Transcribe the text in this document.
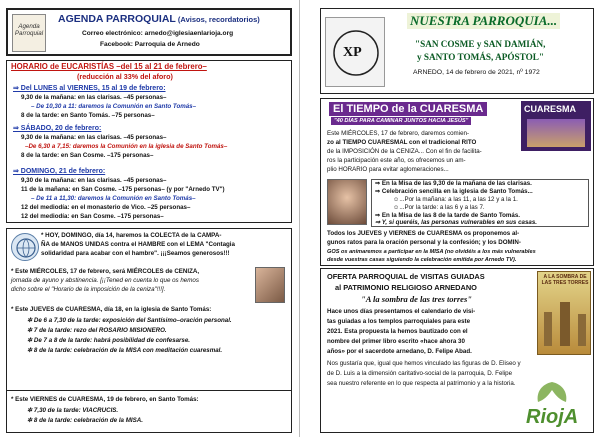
Agenda
Parroquial
AGENDA PARROQUIAL (Avisos, recordatorios)
Correo electrónico: arnedo@iglesiaenlarioja.org
Facebook: Parroquia de Arnedo
HORARIO de EUCARISTÍAS –del 15 al 21 de febrero–
(reducción al 33% del aforo)
⇒ Del LUNES al VIERNES, 15 al 19 de febrero:
9,30 de la mañana: en las clarisas. –45 personas–
– De 10,30 a 11: daremos la Comunión en Santo Tomás–
8 de la tarde: en Santo Tomás. –75 personas–
⇒ SÁBADO, 20 de febrero:
9,30 de la mañana: en las clarisas. –45 personas–
–De 6,30 a 7,15: daremos la Comunión en la iglesia de Santo Tomás–
8 de la tarde: en San Cosme. –175 personas–
⇒ DOMINGO, 21 de febrero:
9,30 de la mañana: en las clarisas. –45 personas–
11 de la mañana: en San Cosme. –175 personas– (y por "Arnedo TV")
– De 11 a 11,30: daremos la Comunión en Santo Tomás–
12 del mediodía: en el monasterio de Vico. –25 personas–
12 del mediodía: en San Cosme. –175 personas–
* HOY, DOMINGO, día 14, haremos la COLECTA de la CAMPA-
ÑA de MANOS UNIDAS contra el HAMBRE con el LEMA "Contagia
solidaridad para acabar con el hambre". ¡¡¡Seamos generosos!!!
* Este MIÉRCOLES, 17 de febrero, será MIÉRCOLES de CENIZA,
jornada de ayuno y abstinencia. [¡¡Tened en cuenta lo que os hemos
dicho sobre el "Horario de la imposición de la ceniza"!!!].
* Este JUEVES de CUARESMA, día 18, en la iglesia de Santo Tomás:
✲ De 6 a 7,30 de la tarde: exposición del Santísimo–oración personal.
✲ 7 de la tarde: rezo del ROSARIO MISIONERO.
✲ De 7 a 8 de la tarde: habrá posibilidad de confesarse.
✲ 8 de la tarde: celebración de la MISA con meditación cuaresmal.
* Este VIERNES de CUARESMA, 19 de febrero, en Santo Tomás:
✲ 7,30 de la tarde: VIACRUCIS.
✲ 8 de la tarde: celebración de la MISA.
XP
NUESTRA PARROQUIA...
"SAN COSME y SAN DAMIÁN,
y SANTO TOMÁS, APÓSTOL"
ARNEDO, 14 de febrero de 2021, nº 1972
El TIEMPO de la CUARESMA
"40 DÍAS PARA CAMINAR JUNTOS HACIA JESÚS"
CUARESMA
Este MIÉRCOLES, 17 de febrero, daremos comien-
zo al TIEMPO CUARESMAL con el tradicional RITO
de la IMPOSICIÓN de la CENIZA... Con el fin de facilita-
ros la participación este año, os ofrecemos un am-
plio HORARIO para evitar aglomeraciones...
⇒ En la Misa de las 9,30 de la mañana de las clarisas.
⇒ Celebración sencilla en la iglesia de Santo Tomás...
☺...Por la mañana: a las 11, a las 12 y a la 1.
☺...Por la tarde: a las 6 y a las 7.
⇒ En la Misa de las 8 de la tarde de Santo Tomás.
⇒ Y, si queréis, las personas vulnerables en sus casas.
Todos los JUEVES y VIERNES de CUARESMA os proponemos al-
gunos ratos para la oración personal y la confesión; y los DOMIN-
GOS os animaremos a participar en la MISA (no olvidéis a los más vulnerables
desde vuestras casas siguiendo la celebración emitida por Arnedo TV).
OFERTA PARROQUIAL de VISITAS GUIADAS
al PATRIMONIO RELIGIOSO ARNEDANO
"A la sombra de las tres torres"
A LA SOMBRA DE LAS TRES TORRES
Hace unos días presentamos el calendario de visi-
tas guiadas a los templos parroquiales para este
2021. Esta propuesta la hemos bautizado con el
nombre del primer libro escrito «hace ahora 30
años» por el sacerdote arnedano, D. Felipe Abad.
Nos gustaría que, igual que hemos vinculado las figuras de D. Eliseo y
de D. Luis a la dimensión caritativo-social de la parroquia, D. Felipe
sea nuestro referente en lo que respecta al patrimonio y a la historia.
RiojA
